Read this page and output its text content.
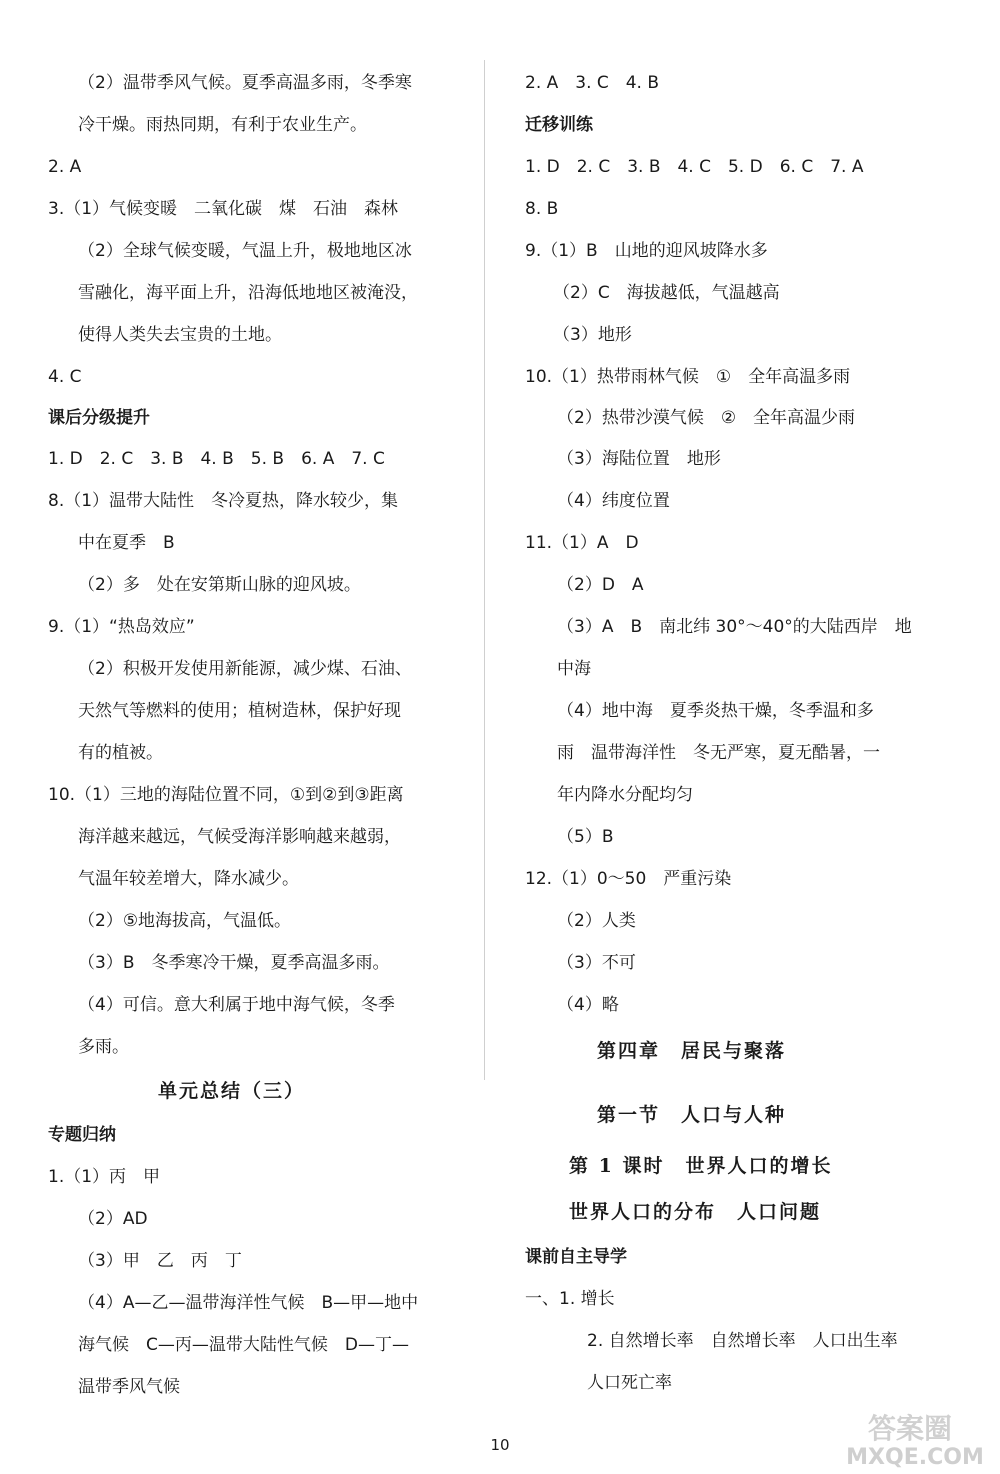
（2）温带季风气候。夏季高温多雨，冬季寒
冷干燥。雨热同期，有利于农业生产。
2. A
3.（1）气候变暖　二氧化碳　煤　石油　森林
（2）全球气候变暖，气温上升，极地地区冰
雪融化，海平面上升，沿海低地地区被淹没，
使得人类失去宝贵的土地。
4. C
课后分级提升
1. D　2. C　3. B　4. B　5. B　6. A　7. C
8.（1）温带大陆性　冬冷夏热，降水较少，集
中在夏季　B
（2）多　处在安第斯山脉的迎风坡。
9.（1）“热岛效应”
（2）积极开发使用新能源，减少煤、石油、
天然气等燃料的使用；植树造林，保护好现
有的植被。
10.（1）三地的海陆位置不同，①到②到③距离
海洋越来越远，气候受海洋影响越来越弱，
气温年较差增大，降水减少。
（2）⑤地海拔高，气温低。
（3）B　冬季寒冷干燥，夏季高温多雨。
（4）可信。意大利属于地中海气候，冬季
多雨。
单元总结（三）
专题归纳
1.（1）丙　甲
（2）AD
（3）甲　乙　丙　丁
（4）A—乙—温带海洋性气候　B—甲—地中
海气候　C—丙—温带大陆性气候　D—丁—
温带季风气候
2. A　3. C　4. B
迁移训练
1. D　2. C　3. B　4. C　5. D　6. C　7. A
8. B
9.（1）B　山地的迎风坡降水多
（2）C　海拔越低，气温越高
（3）地形
10.（1）热带雨林气候　①　全年高温多雨
（2）热带沙漠气候　②　全年高温少雨
（3）海陆位置　地形
（4）纬度位置
11.（1）A　D
（2）D　A
（3）A　B　南北纬 30°～40°的大陆西岸　地
中海
（4）地中海　夏季炎热干燥，冬季温和多
雨　温带海洋性　冬无严寒，夏无酷暑，一
年内降水分配均匀
（5）B
12.（1）0～50　严重污染
（2）人类
（3）不可
（4）略
第四章　居民与聚落
第一节　人口与人种
第 1 课时　世界人口的增长
世界人口的分布　人口问题
课前自主导学
一、1. 增长
2. 自然增长率　自然增长率　人口出生率
人口死亡率
10	答案圈
MXQE.COM
